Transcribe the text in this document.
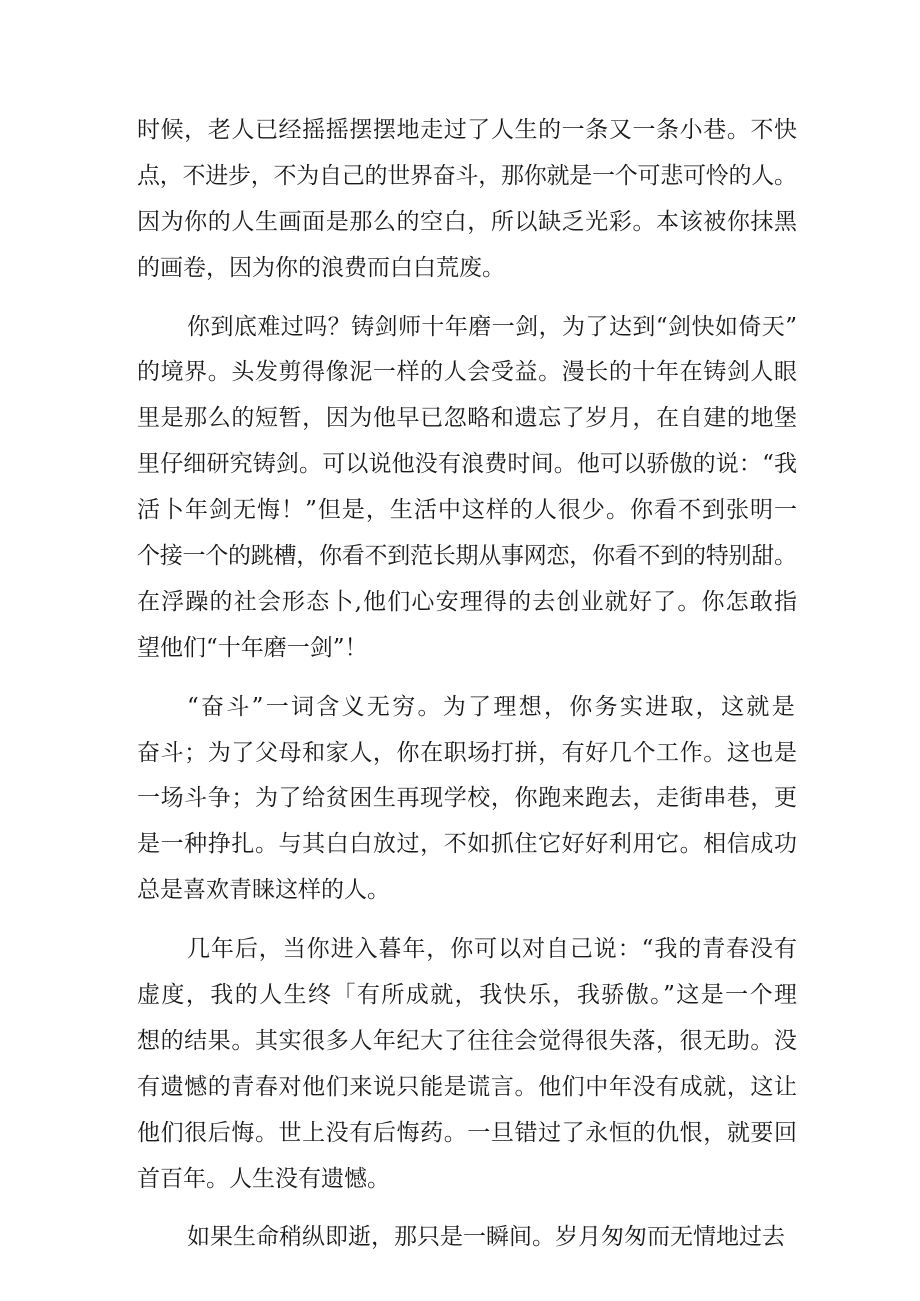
时候，老人已经摇摇摆摆地走过了人生的一条又一条小巷。不快
点，不进步，不为自己的世界奋斗，那你就是一个可悲可怜的人。
因为你的人生画面是那么的空白，所以缺乏光彩。本该被你抹黑
的画卷，因为你的浪费而白白荒废。
你到底难过吗？铸剑师十年磨一剑，为了达到“剑快如倚天”
的境界。头发剪得像泥一样的人会受益。漫长的十年在铸剑人眼
里是那么的短暂，因为他早已忽略和遗忘了岁月，在自建的地堡
里仔细研究铸剑。可以说他没有浪费时间。他可以骄傲的说：“我
活卜年剑无悔！”但是，生活中这样的人很少。你看不到张明一
个接一个的跳槽，你看不到范长期从事网恋，你看不到的特别甜。
在浮躁的社会形态卜,他们心安理得的去创业就好了。你怎敢指
望他们“十年磨一剑”！
“奋斗”一词含义无穷。为了理想，你务实进取，这就是
奋斗；为了父母和家人，你在职场打拼，有好几个工作。这也是
一场斗争；为了给贫困生再现学校，你跑来跑去，走街串巷，更
是一种挣扎。与其白白放过，不如抓住它好好利用它。相信成功
总是喜欢青睐这样的人。
几年后，当你进入暮年，你可以对自己说：“我的青春没有
虚度，我的人生终「有所成就，我快乐，我骄傲。”这是一个理
想的结果。其实很多人年纪大了往往会觉得很失落，很无助。没
有遗憾的青春对他们来说只能是谎言。他们中年没有成就，这让
他们很后悔。世上没有后悔药。一旦错过了永恒的仇恨，就要回
首百年。人生没有遗憾。
如果生命稍纵即逝，那只是一瞬间。岁月匆匆而无情地过去
